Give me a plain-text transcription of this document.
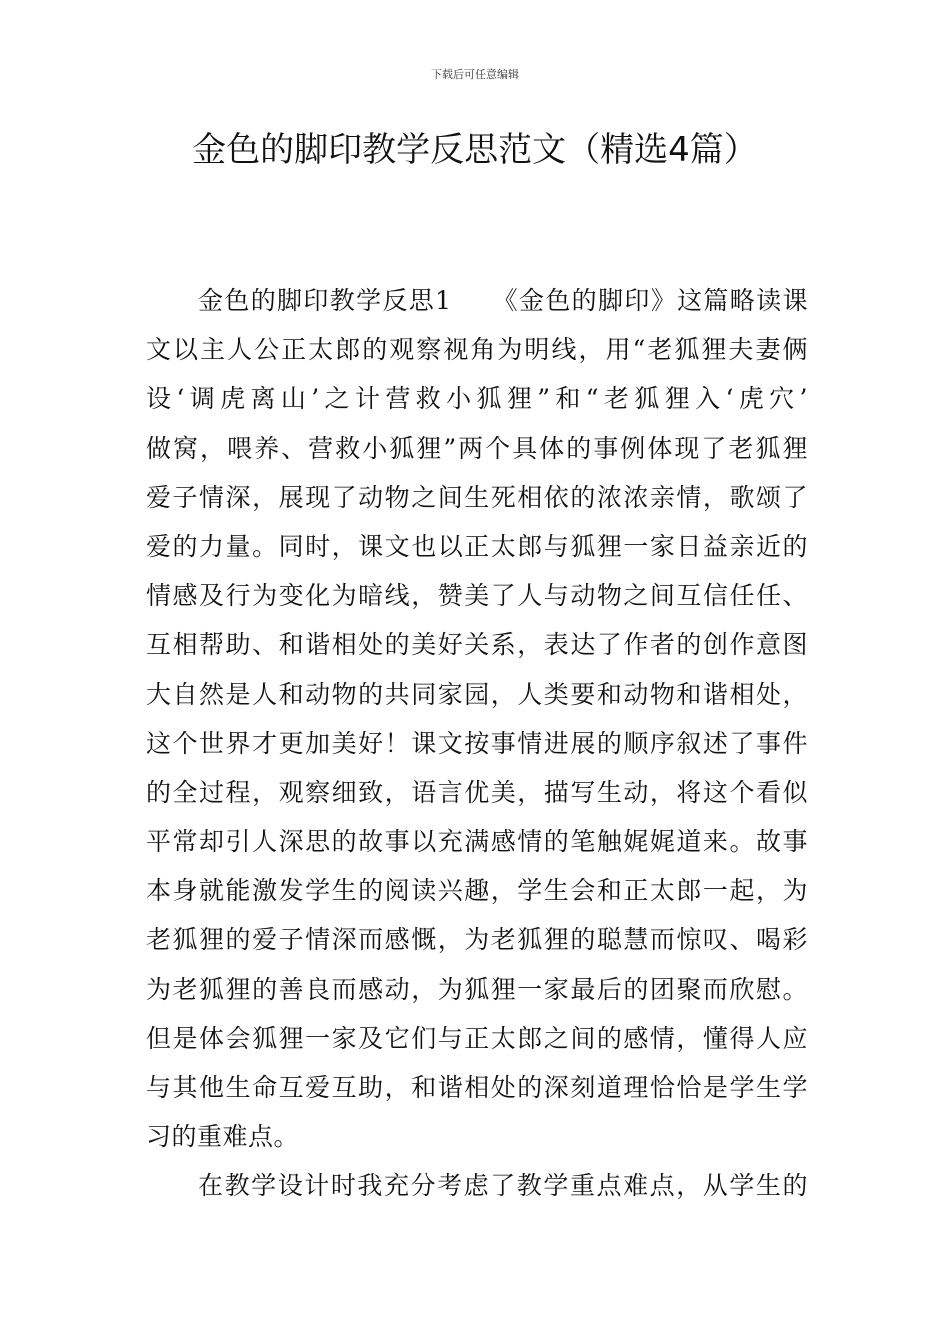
下载后可任意编辑
金色的脚印教学反思范文（精选4篇）
金色的脚印教学反思1　　《金色的脚印》这篇略读课
文以主人公正太郎的观察视角为明线，用“老狐狸夫妻俩
设‘调虎离山’之计营救小狐狸”和“老狐狸入‘虎穴’
做窝，喂养、营救小狐狸”两个具体的事例体现了老狐狸
爱子情深，展现了动物之间生死相依的浓浓亲情，歌颂了
爱的力量。同时，课文也以正太郎与狐狸一家日益亲近的
情感及行为变化为暗线，赞美了人与动物之间互信任任、
互相帮助、和谐相处的美好关系，表达了作者的创作意图
大自然是人和动物的共同家园，人类要和动物和谐相处，
这个世界才更加美好！课文按事情进展的顺序叙述了事件
的全过程，观察细致，语言优美，描写生动，将这个看似
平常却引人深思的故事以充满感情的笔触娓娓道来。故事
本身就能激发学生的阅读兴趣，学生会和正太郎一起，为
老狐狸的爱子情深而感慨，为老狐狸的聪慧而惊叹、喝彩
为老狐狸的善良而感动，为狐狸一家最后的团聚而欣慰。
但是体会狐狸一家及它们与正太郎之间的感情，懂得人应
与其他生命互爱互助，和谐相处的深刻道理恰恰是学生学
习的重难点。
在教学设计时我充分考虑了教学重点难点，从学生的
